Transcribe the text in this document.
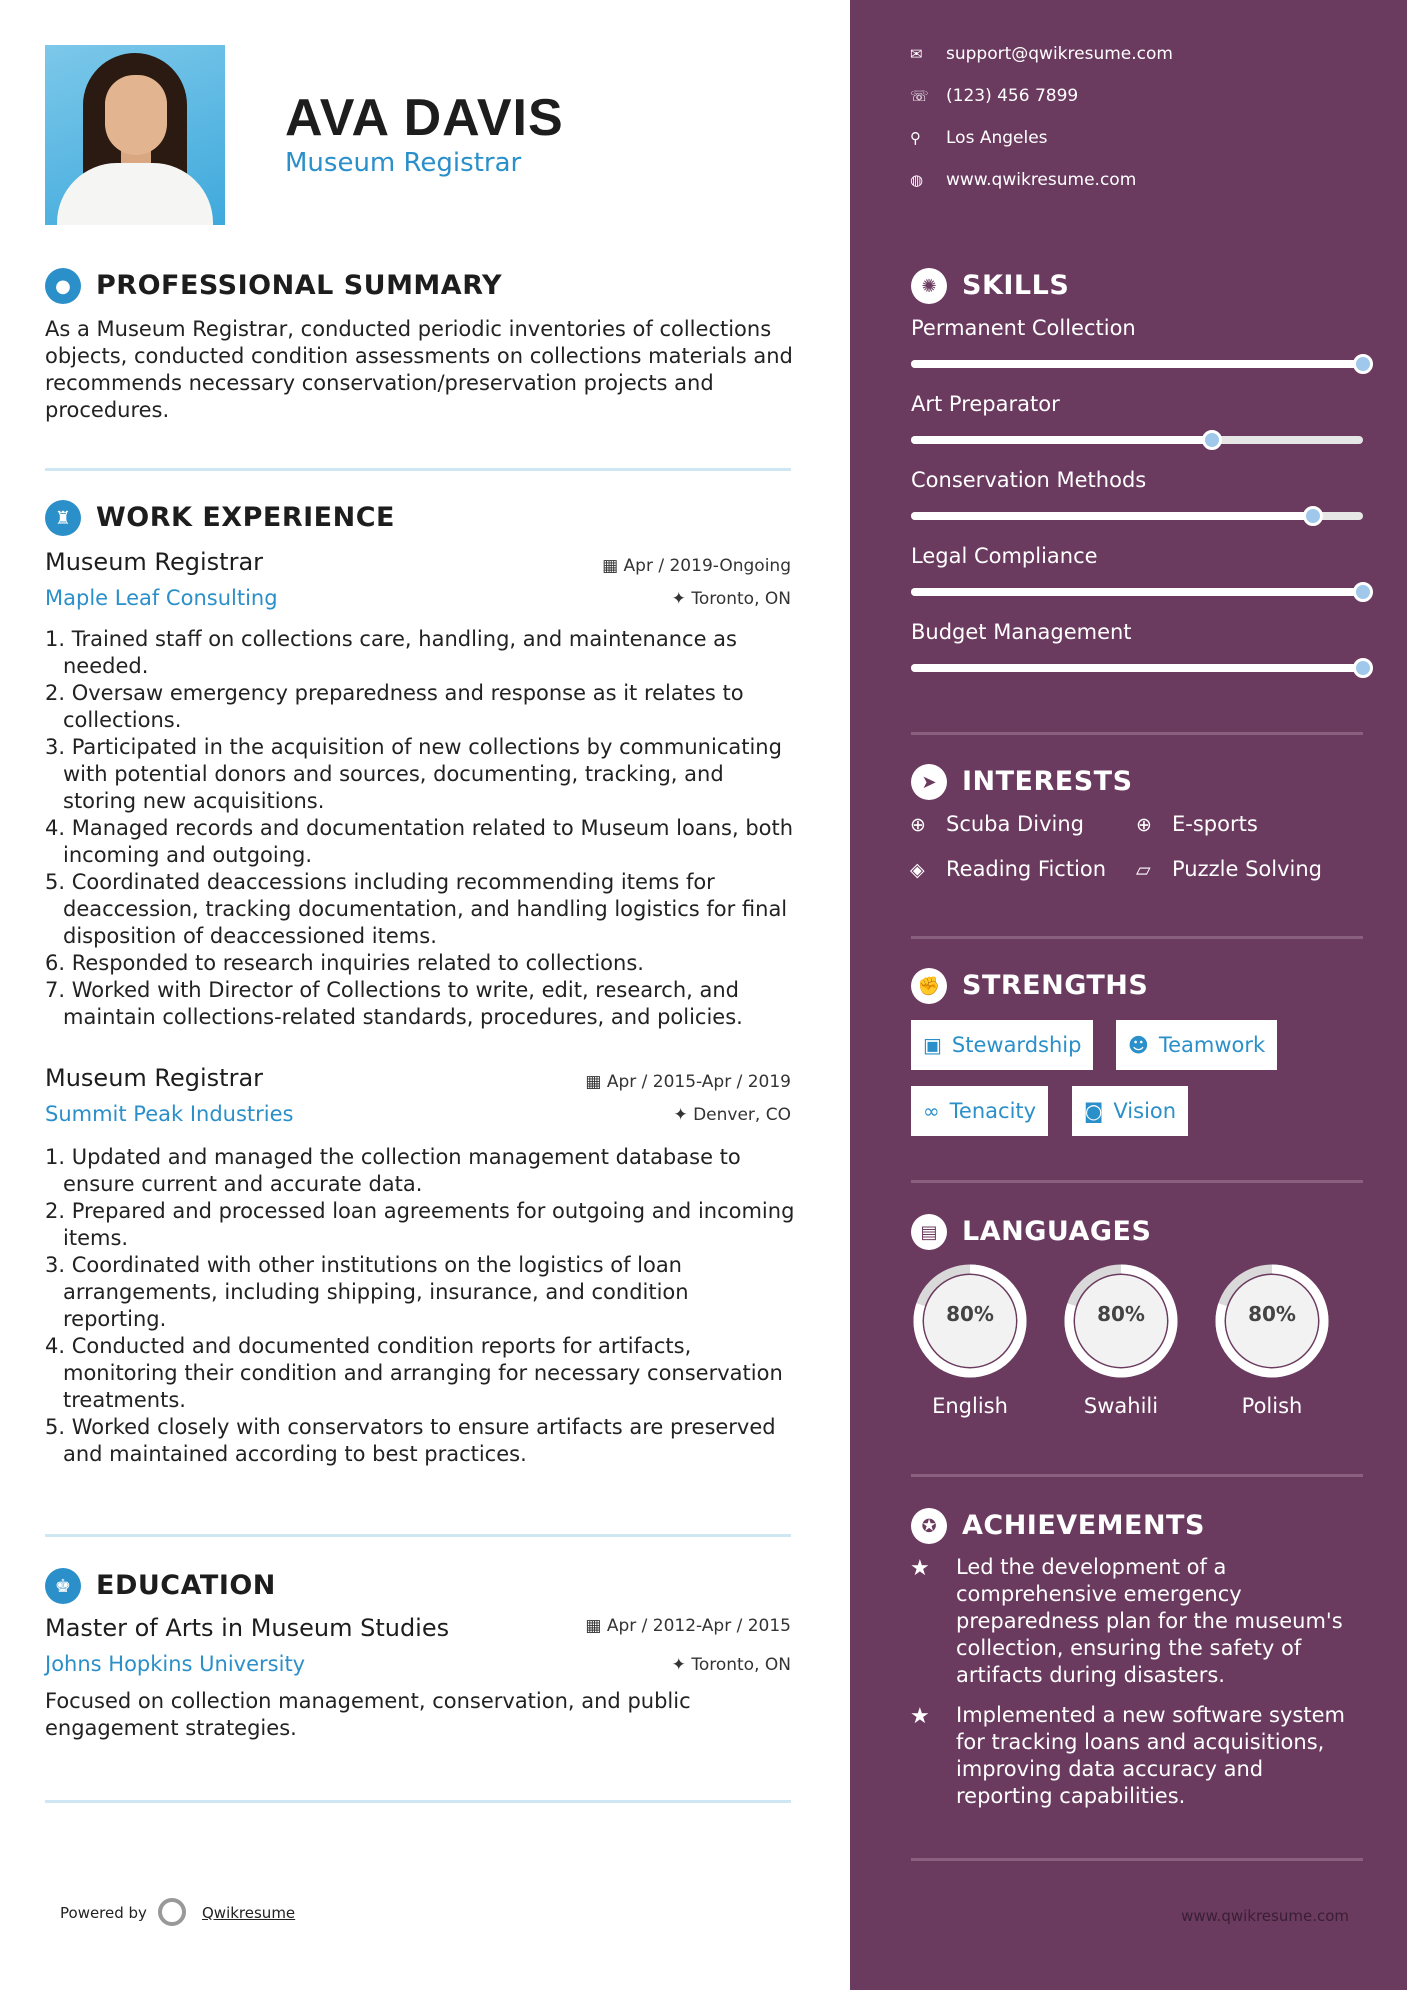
AVA DAVIS
Museum Registrar
● PROFESSIONAL SUMMARY
As a Museum Registrar, conducted periodic inventories of collections objects, conducted condition assessments on collections materials and recommends necessary conservation/preservation projects and procedures.
♜ WORK EXPERIENCE
Museum Registrar	▦ Apr / 2019-Ongoing
Maple Leaf Consulting	✦ Toronto, ON
1. Trained staff on collections care, handling, and maintenance as needed.
2. Oversaw emergency preparedness and response as it relates to collections.
3. Participated in the acquisition of new collections by communicating with potential donors and sources, documenting, tracking, and storing new acquisitions.
4. Managed records and documentation related to Museum loans, both incoming and outgoing.
5. Coordinated deaccessions including recommending items for deaccession, tracking documentation, and handling logistics for final disposition of deaccessioned items.
6. Responded to research inquiries related to collections.
7. Worked with Director of Collections to write, edit, research, and maintain collections-related standards, procedures, and policies.
Museum Registrar	▦ Apr / 2015-Apr / 2019
Summit Peak Industries	✦ Denver, CO
1. Updated and managed the collection management database to ensure current and accurate data.
2. Prepared and processed loan agreements for outgoing and incoming items.
3. Coordinated with other institutions on the logistics of loan arrangements, including shipping, insurance, and condition reporting.
4. Conducted and documented condition reports for artifacts, monitoring their condition and arranging for necessary conservation treatments.
5. Worked closely with conservators to ensure artifacts are preserved and maintained according to best practices.
♚ EDUCATION
Master of Arts in Museum Studies	▦ Apr / 2012-Apr / 2015
Johns Hopkins University	✦ Toronto, ON
Focused on collection management, conservation, and public engagement strategies.
Powered by	Qwikresume
✉ support@qwikresume.com
☏ (123) 456 7899
⚲ Los Angeles
◍ www.qwikresume.com
✺ SKILLS
Permanent Collection
Art Preparator
Conservation Methods
Legal Compliance
Budget Management
➤ INTERESTS
⊕ Scuba Diving	⊕ E-sports
◈ Reading Fiction ▱ Puzzle Solving
✊ STRENGTHS
▣ Stewardship ☻ Teamwork
∞ Tenacity ◙ Vision
▤ LANGUAGES
80%
English
80%
Swahili
80%
Polish
✪ ACHIEVEMENTS
★ Led the development of a comprehensive emergency preparedness plan for the museum's collection, ensuring the safety of artifacts during disasters.
★ Implemented a new software system for tracking loans and acquisitions, improving data accuracy and reporting capabilities.
www.qwikresume.com
